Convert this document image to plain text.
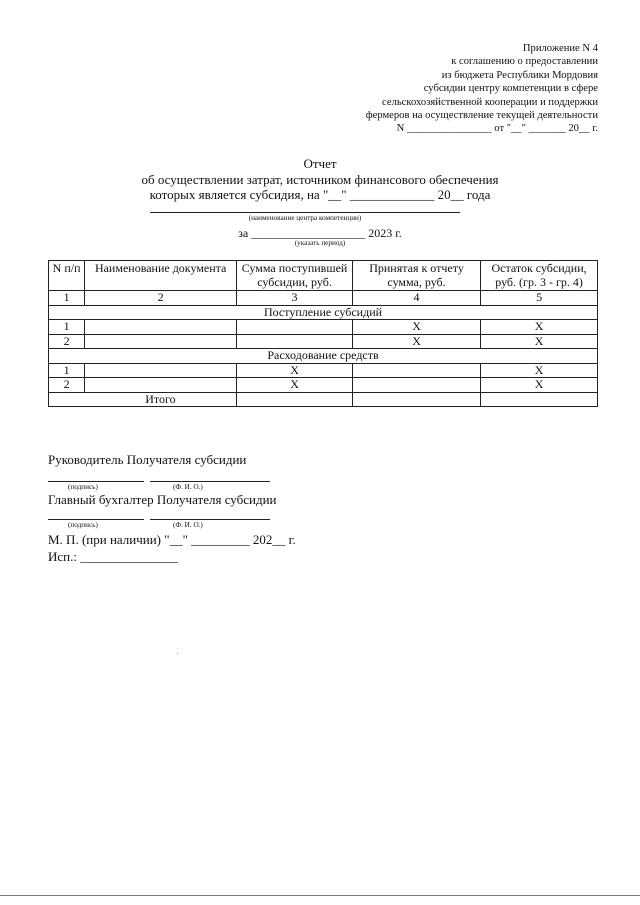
Приложение N 4
к соглашению о предоставлении
из бюджета Республики Мордовия
субсидии центру компетенции в сфере
сельскохозяйственной кооперации и поддержки
фермеров на осуществление текущей деятельности
N ________________ от "__" _______ 20__ г.
Отчет
об осуществлении затрат, источником финансового обеспечения
которых является субсидия, на "__" _____________ 20__ года
(наименование центра компетенции)
за ___________________ 2023 г.
(указать период)
N п/п	Наименование документа	Сумма поступившей субсидии, руб.	Принятая к отчету сумма, руб.	Остаток субсидии, руб. (гр. 3 - гр. 4)
1	2	3	4	5
Поступление субсидий				
1			X	X
2			X	X
Расходование средств				
1		X		X
2		X		X
	Итого			
Руководитель Получателя субсидии
(подпись)	(Ф. И. О.)
Главный бухгалтер Получателя субсидии
(подпись)	(Ф. И. О.)
М. П. (при наличии) "__" _________ 202__ г.
Исп.: _______________
